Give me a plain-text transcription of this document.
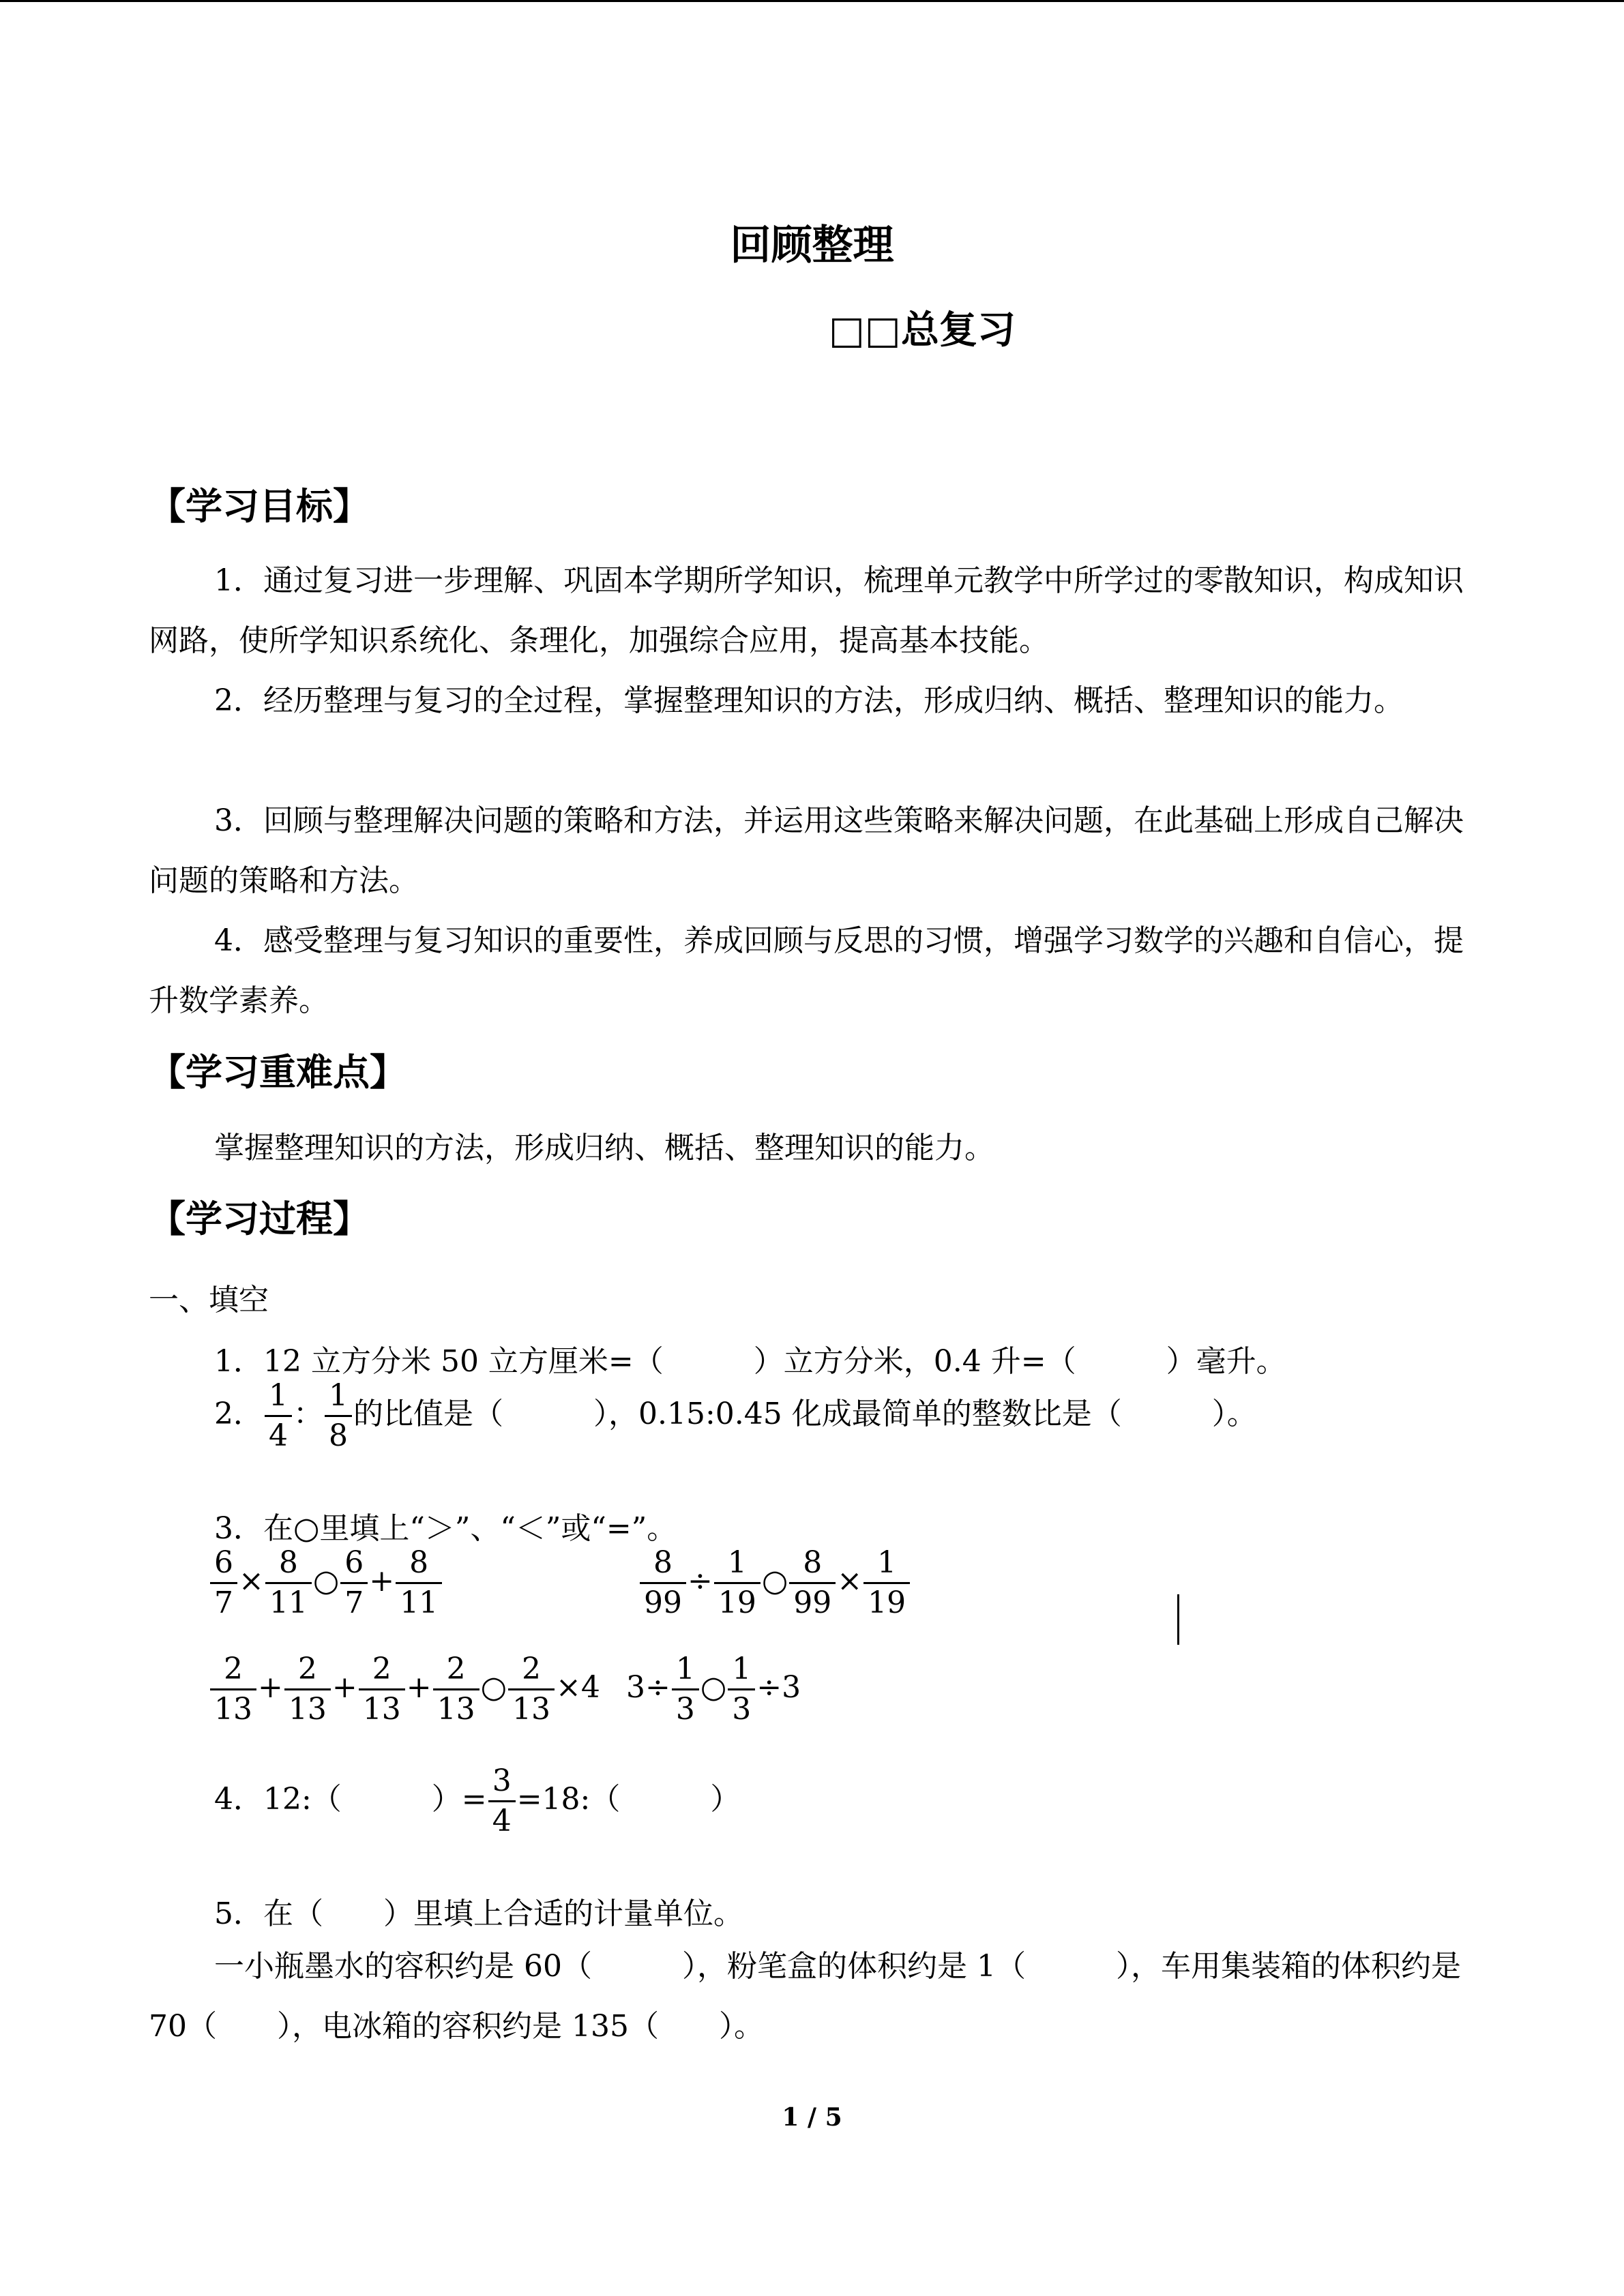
回顾整理
□□总复习
【学习目标】
1．通过复习进一步理解、巩固本学期所学知识，梳理单元教学中所学过的零散知识，构成知识网路，使所学知识系统化、条理化，加强综合应用，提高基本技能。
2．经历整理与复习的全过程，掌握整理知识的方法，形成归纳、概括、整理知识的能力。
3．回顾与整理解决问题的策略和方法，并运用这些策略来解决问题，在此基础上形成自己解决问题的策略和方法。
4．感受整理与复习知识的重要性，养成回顾与反思的习惯，增强学习数学的兴趣和自信心，提升数学素养。
【学习重难点】
掌握整理知识的方法，形成归纳、概括、整理知识的能力。
【学习过程】
一、填空
1．12 立方分米 50 立方厘米=（　　　）立方分米，0.4 升=（　　　）毫升。
2． $\frac{1}{4}$ ： $\frac{1}{8}$ 的比值是（　　　），0.15:0.45 化成最简单的整数比是（　　　）。
3．在○里填上“＞”、“＜”或“=”。
$\frac{6}{7} \times \frac{8}{11}$ ○ $\frac{6}{7} + \frac{8}{11}$	$\frac{8}{99} \div \frac{1}{19}$ ○ $\frac{8}{99} \times \frac{1}{19}$
$\frac{2}{13} + \frac{2}{13} + \frac{2}{13} + \frac{2}{13}$ ○ $\frac{2}{13} \times 4$ $3\div \frac{1}{3}$ ○ $\frac{1}{3} \div 3$
4．12:（　　　）= $\frac{3}{4}$ =18:（　　　）
5．在（　　）里填上合适的计量单位。
一小瓶墨水的容积约是 60（　　　），粉笔盒的体积约是 1（　　　），车用集装箱的体积约是 70（　　），电冰箱的容积约是 135（　　）。
1 / 5
